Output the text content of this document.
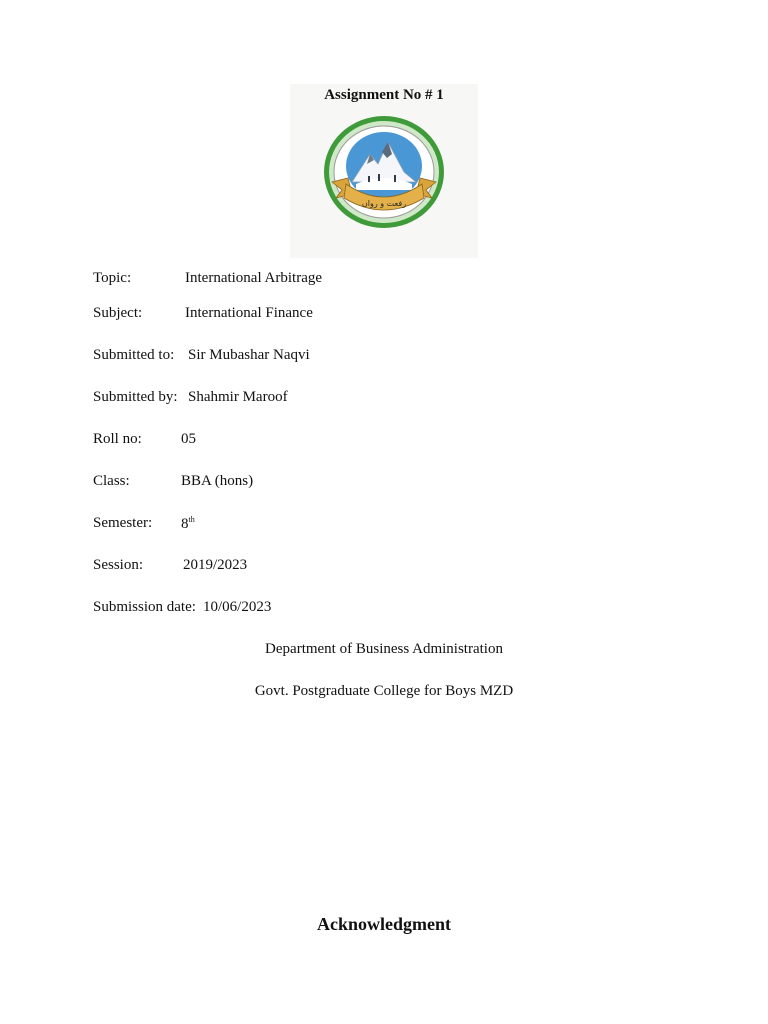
Assignment No # 1
رفعت و رواں
Topic:	International Arbitrage
Subject:	International Finance
Submitted to: Sir Mubashar Naqvi
Submitted by: Shahmir Maroof
Roll no:	05
Class:	BBA (hons)
Semester: 8th
Session:	2019/2023
Submission date: 10/06/2023
Department of Business Administration
Govt. Postgraduate College for Boys MZD
Acknowledgment
